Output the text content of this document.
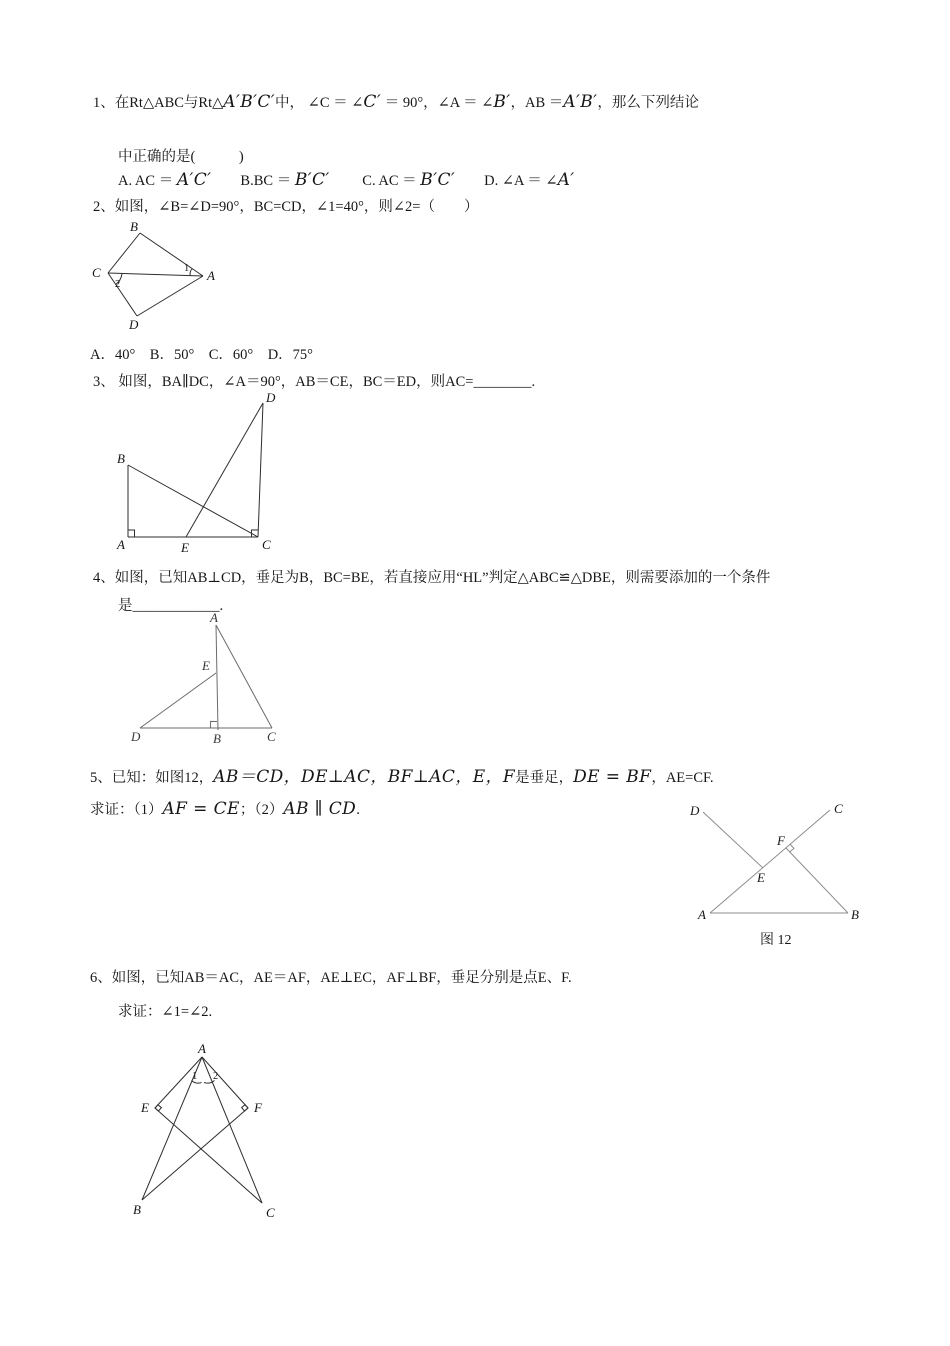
1、在Rt△ABC与Rt△A′B′C′中， ∠C ＝ ∠C′ ＝ 90°，∠A ＝ ∠B′，AB ＝A′B′，那么下列结论
中正确的是(　　　)
A. AC ＝ A′C′　　B.BC ＝ B′C′　　 C. AC ＝ B′C′　　D. ∠A ＝ ∠A′
2、如图，∠B=∠D=90°，BC=CD，∠1=40°，则∠2=（　　）
B
C	A
D
1
2
A．40°　B．50°　C．60°　D．75°
3、 如图，BA∥DC，∠A＝90°，AB＝CE，BC＝ED，则AC=________.
D
B
A	E	C
4、如图，已知AB⊥CD，垂足为B，BC=BE，若直接应用“HL”判定△ABC≌△DBE，则需要添加的一个条件
是____________.
A
E
D	B	C
5、已知：如图12，AB＝CD，DE⊥AC，BF⊥AC，E，F是垂足，DE = BF，AE=CF.
求证：（1）AF = CE；（2）AB ∥ CD.	D	C
F
E
A	B
图 12
6、如图，已知AB＝AC，AE＝AF，AE⊥EC，AF⊥BF，垂足分别是点E、F.
求证：∠1=∠2.
A
E	F
B	C
1 2
